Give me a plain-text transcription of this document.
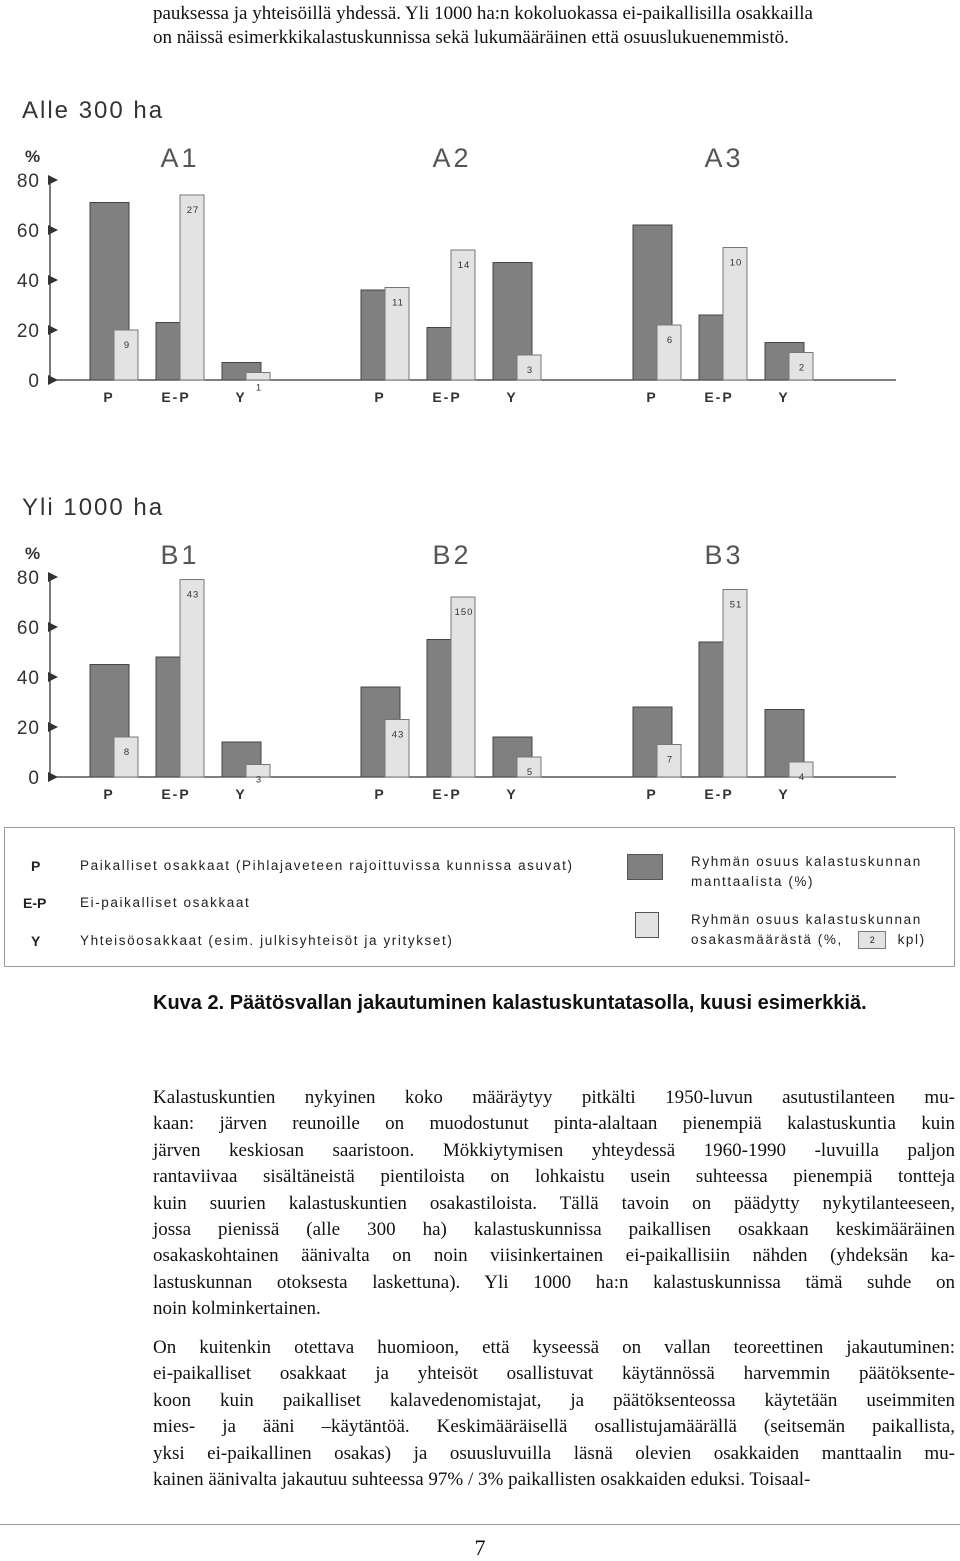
pauksessa ja yhteisöillä yhdessä. Yli 1000 ha:n kokoluokassa ei-paikallisilla osakkailla
on näissä esimerkkikalastuskunnissa sekä lukumääräinen että osuuslukuenemmistö.
Alle 300 ha
%
0
20
40
60
80
A1
9
P
27
E-P
1
Y
A2
11
P
14
E-P
3
Y
A3
6
P
10
E-P
2
Y
Yli 1000 ha
%
0
20
40
60
80
B1
8
P
43
E-P
3
Y
B2
43
P
150
E-P
5
Y
B3
7
P
51
E-P
4
Y
P
E-P
Y
Paikalliset osakkaat (Pihlajaveteen rajoittuvissa kunnissa asuvat)
Ei-paikalliset osakkaat
Yhteisöosakkaat (esim. julkisyhteisöt ja yritykset)
Ryhmän osuus kalastuskunnan
manttaalista (%)
Ryhmän osuus kalastuskunnan
osakasmäärästä (%,	2 kpl)
Kuva 2. Päätösvallan jakautuminen kalastuskuntatasolla, kuusi esimerkkiä.
Kalastuskuntien nykyinen koko määräytyy pitkälti 1950-luvun asutustilanteen mu-
kaan: järven reunoille on muodostunut pinta-alaltaan pienempiä kalastuskuntia kuin
järven keskiosan saaristoon. Mökkiytymisen yhteydessä 1960-1990 -luvuilla paljon
rantaviivaa sisältäneistä pientiloista on lohkaistu usein suhteessa pienempiä tontteja
kuin suurien kalastuskuntien osakastiloista. Tällä tavoin on päädytty nykytilanteeseen,
jossa pienissä (alle 300 ha) kalastuskunnissa paikallisen osakkaan keskimääräinen
osakaskohtainen äänivalta on noin viisinkertainen ei-paikallisiin nähden (yhdeksän ka-
lastuskunnan otoksesta laskettuna). Yli 1000 ha:n kalastuskunnissa tämä suhde on
noin kolminkertainen.
On kuitenkin otettava huomioon, että kyseessä on vallan teoreettinen jakautuminen:
ei-paikalliset osakkaat ja yhteisöt osallistuvat käytännössä harvemmin päätöksente-
koon kuin paikalliset kalavedenomistajat, ja päätöksenteossa käytetään useimmiten
mies- ja ääni –käytäntöä. Keskimääräisellä osallistujamäärällä (seitsemän paikallista,
yksi ei-paikallinen osakas) ja osuusluvuilla läsnä olevien osakkaiden manttaalin mu-
kainen äänivalta jakautuu suhteessa 97% / 3% paikallisten osakkaiden eduksi. Toisaal-
7
